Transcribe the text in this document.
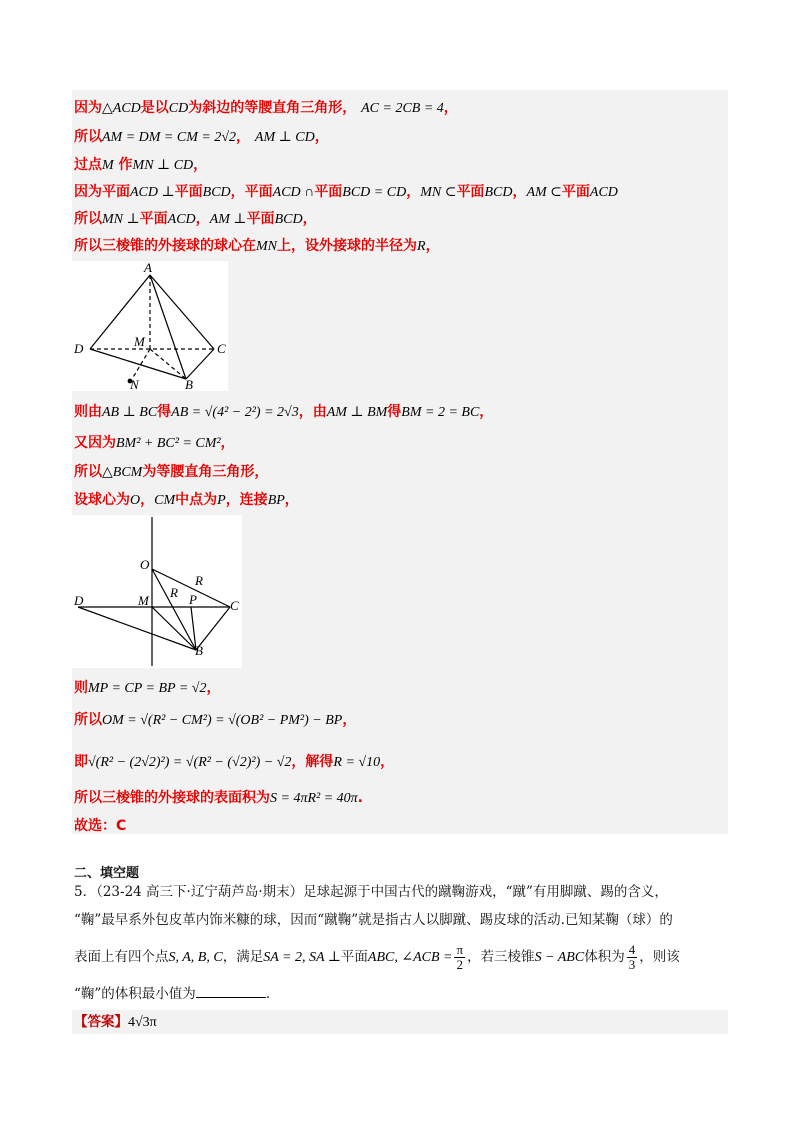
因为△ACD是以CD为斜边的等腰直角三角形， AC = 2CB = 4，
所以AM = DM = CM = 2√2， AM ⊥ CD，
过点M 作MN ⊥ CD，
因为平面ACD ⊥平面BCD，平面ACD ∩平面BCD = CD，MN ⊂平面BCD，AM ⊂平面ACD
所以MN ⊥平面ACD，AM ⊥平面BCD，
所以三棱锥的外接球的球心在MN上，设外接球的半径为R，
A
D	M	C
N	B
则由AB ⊥ BC得AB = √(4² − 2²) = 2√3，由AM ⊥ BM得BM = 2 = BC，
又因为BM² + BC² = CM²，
所以△BCM为等腰直角三角形，
设球心为O，CM中点为P，连接BP，
O
R
R
D	M	P	C
B
则MP = CP = BP = √2，
所以OM = √(R² − CM²) = √(OB² − PM²) − BP，
即√(R² − (2√2)²) = √(R² − (√2)²) − √2，解得R = √10，
所以三棱锥的外接球的表面积为S = 4πR² = 40π.
故选：C
二、填空题
5．（23-24 高三下·辽宁葫芦岛·期末）足球起源于中国古代的蹴鞠游戏，“蹴”有用脚蹴、踢的含义，
“鞠”最早系外包皮革内饰米糠的球，因而“蹴鞠”就是指古人以脚蹴、踢皮球的活动.已知某鞠（球）的
表面上有四个点S, A, B, C，满足SA = 2, SA ⊥平面ABC, ∠ACB = $\frac{\pi}{2}$ ，若三棱锥S − ABC体积为 $\frac{4}{3}$ ，则该
“鞠”的体积最小值为	.
【答案】4√3π
